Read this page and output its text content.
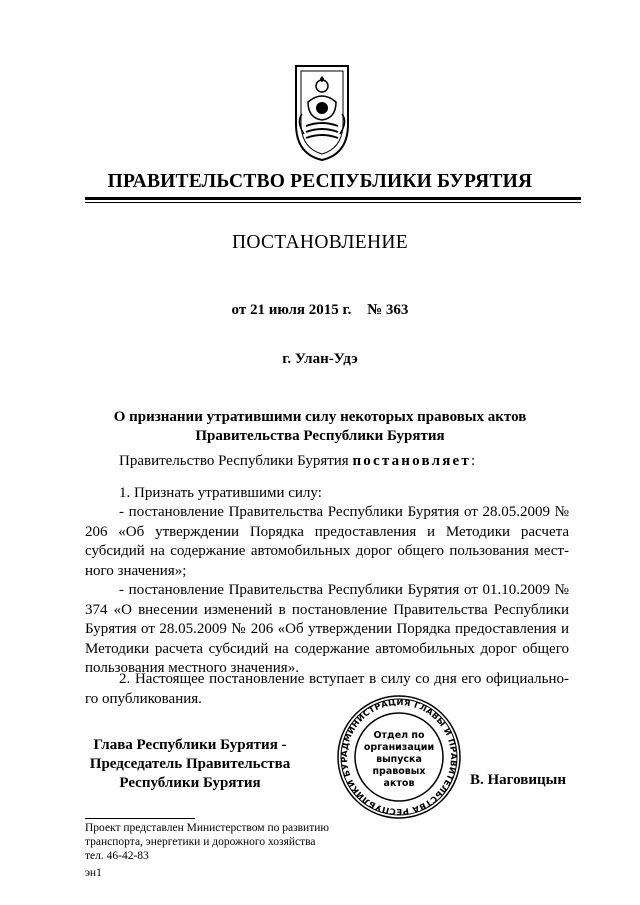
ПРАВИТЕЛЬСТВО РЕСПУБЛИКИ БУРЯТИЯ
ПОСТАНОВЛЕНИЕ
от 21 июля 2015 г. № 363
г. Улан-Удэ
О признании утратившими силу некоторых правовых актов
Правительства Республики Бурятия
Правительство Республики Бурятия постановляет:
1. Признать утратившими силу:
- постановление Правительства Республики Бурятия от 28.05.2009 № 206 «Об утверждении Порядка предоставления и Методики расчета субсидий на содержание автомобильных дорог общего пользования мест-ного значения»;
- постановление Правительства Республики Бурятия от 01.10.2009 № 374 «О внесении изменений в постановление Правительства Республики Бурятия от 28.05.2009 № 206 «Об утверждении Порядка предоставления и Методики расчета субсидий на содержание автомобильных дорог общего пользования местного значения».
2. Настоящее постановление вступает в силу со дня его официально-го опубликования.
Глава Республики Бурятия -
Председатель Правительства
Республики Бурятия
АДМИНИСТРАЦИЯ ГЛАВЫ И ПРАВИТЕЛЬСТВА РЕСПУБЛИКИ БУР
Отдел по
организации
выпуска
правовых
актов	В. Наговицын
Проект представлен Министерством по развитию
транспорта, энергетики и дорожного хозяйства
тел. 46-42-83
эн1
